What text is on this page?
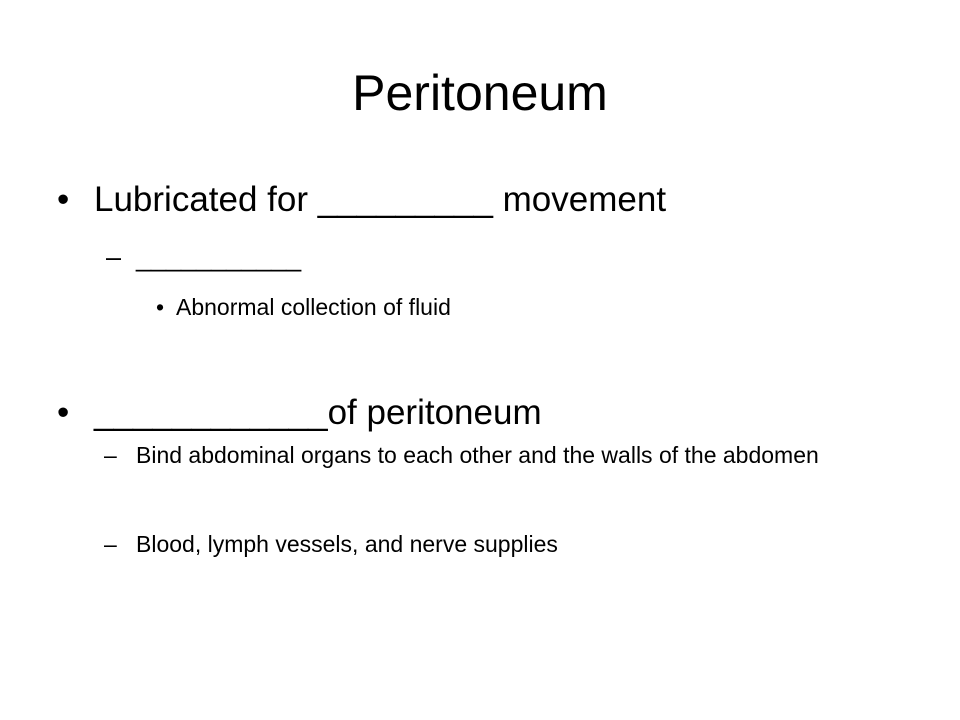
Peritoneum
• Lubricated for _________ movement
– ___________
• Abnormal collection of fluid
• ____________of peritoneum
– Bind abdominal organs to each other and the walls of the abdomen
– Blood, lymph vessels, and nerve supplies
